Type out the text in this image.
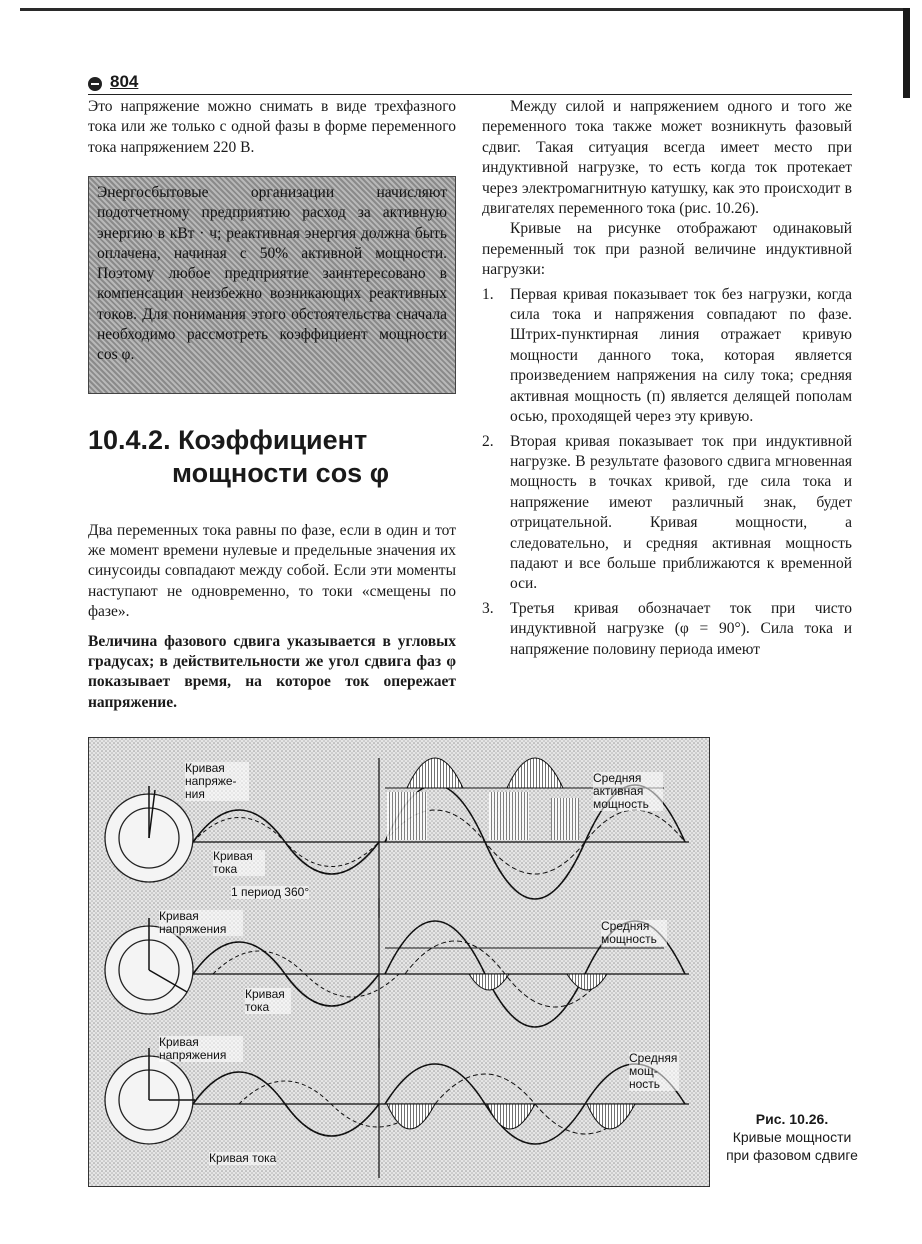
804

Это напряжение можно снимать в виде трехфазного тока или же только с одной фазы в форме переменного тока напряжением 220 В.

Энергосбытовые организации начисляют подотчетному предприятию расход за активную энергию в кВт · ч; реактивная энергия должна быть оплачена, начиная с 50% активной мощности. Поэтому любое предприятие заинтересовано в компенсации неизбежно возникающих реактивных токов. Для понимания этого обстоятельства сначала необходимо рассмотреть коэффициент мощности cos φ.
10.4.2. Коэффициент
мощности cos φ

Два переменных тока равны по фазе, если в один и тот же момент времени нулевые и предельные значения их синусоиды совпадают между собой. Если эти моменты наступают не одновременно, то токи «смещены по фазе».

Величина фазового сдвига указывается в угловых градусах; в действительности же угол сдвига фаз φ показывает время, на которое ток опережает напряжение.

Между силой и напряжением одного и того же переменного тока также может возникнуть фазовый сдвиг. Такая ситуация всегда имеет место при индуктивной нагрузке, то есть когда ток протекает через электромагнитную катушку, как это происходит в двигателях переменного тока (рис. 10.26).

Кривые на рисунке отображают одинаковый переменный ток при разной величине индуктивной нагрузки:

1. Первая кривая показывает ток без нагрузки, когда сила тока и напряжения совпадают по фазе. Штрих-пунктирная линия отражает кривую мощности данного тока, которая является произведением напряжения на силу тока; средняя активная мощность (п) является делящей пополам осью, проходящей через эту кривую.
2. Вторая кривая показывает ток при индуктивной нагрузке. В результате фазового сдвига мгновенная мощность в точках кривой, где сила тока и напряжение имеют различный знак, будет отрицательной. Кривая мощности, а следовательно, и средняя активная мощность падают и все больше приближаются к временной оси.
3. Третья кривая обозначает ток при чисто индуктивной нагрузке (φ = 90°). Сила тока и напряжение половину периода имеют
Кривая напряже-ния
Кривая тока
1 период 360°
Средняя активная мощность
Кривая напряжения
Кривая тока
Средняя мощность
Кривая напряжения
Кривая тока
Средняя мощ-ность
Рис. 10.26.
Кривые мощности при фазовом сдвиге
